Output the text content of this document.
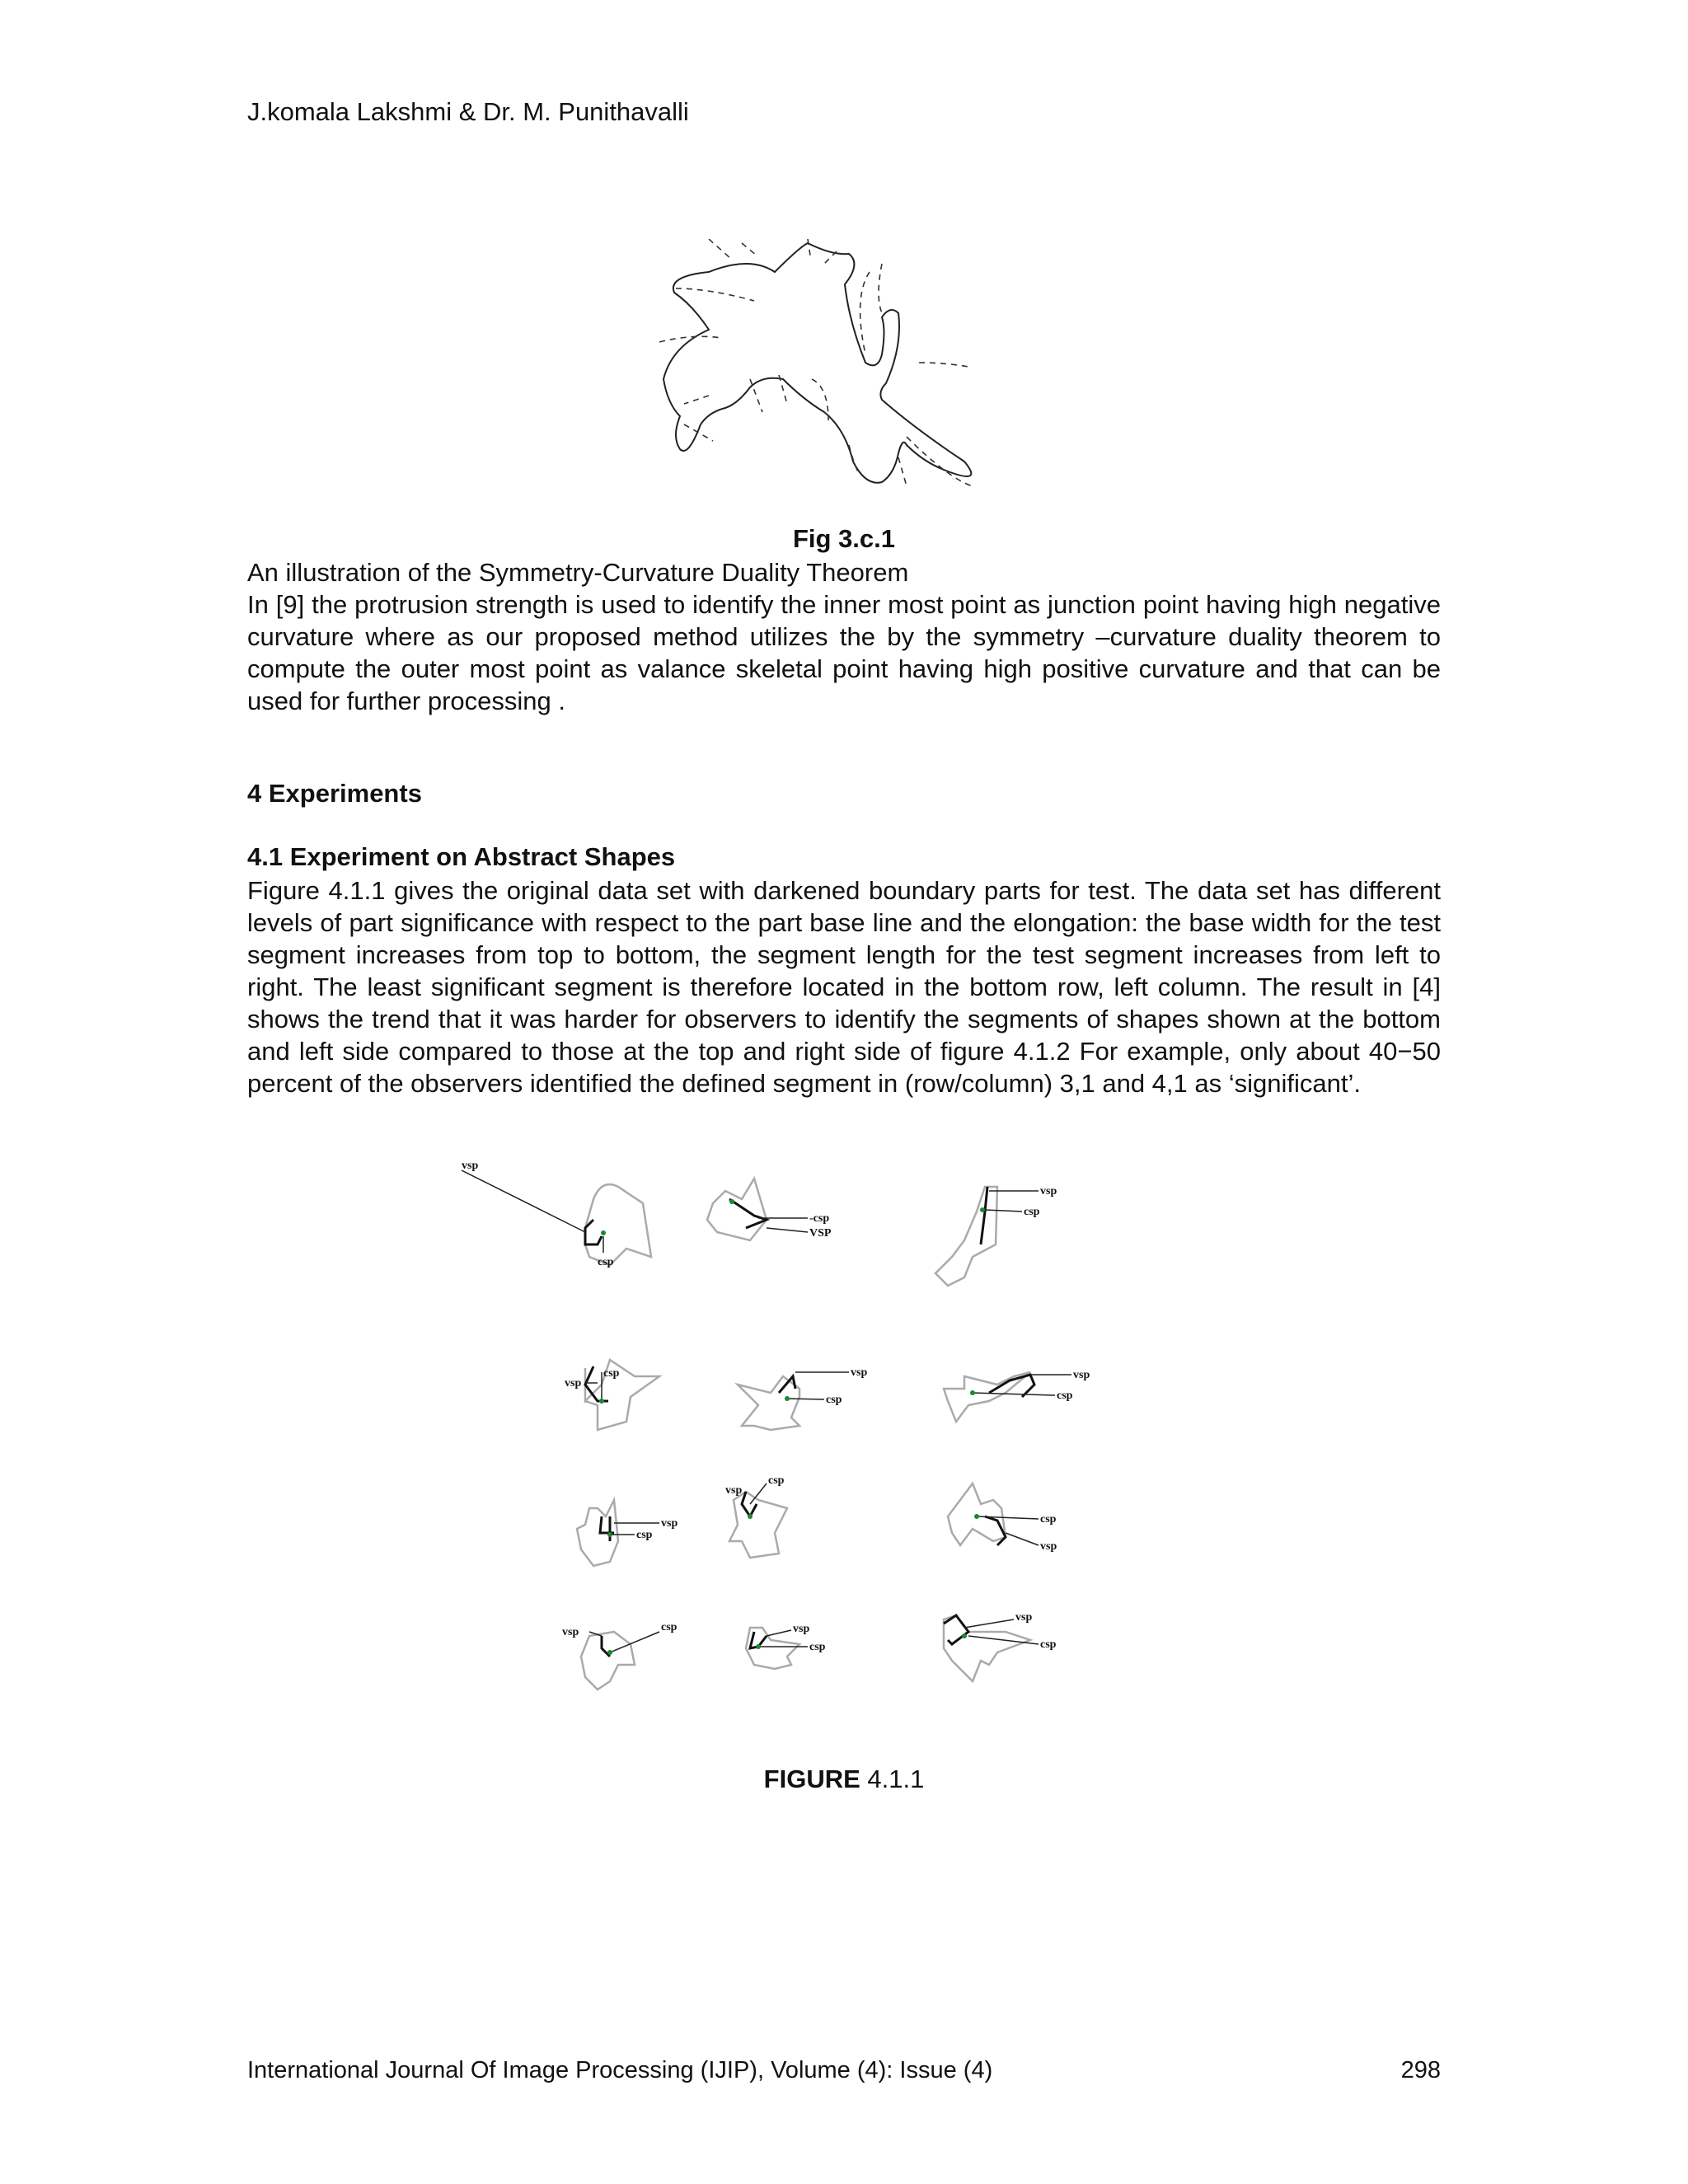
J.komala Lakshmi & Dr. M. Punithavalli
Fig 3.c.1
An illustration of the Symmetry-Curvature Duality Theorem
In [9] the protrusion strength is used to identify the inner most point as junction point having high negative curvature where as our proposed method utilizes the by the symmetry –curvature duality theorem to compute the outer most point as valance skeletal point having high positive curvature and that can be used for further processing .
4 Experiments
4.1 Experiment on Abstract Shapes
Figure 4.1.1 gives the original data set with darkened boundary parts for test. The data set has different levels of part significance with respect to the part base line and the elongation: the base width for the test segment increases from top to bottom, the segment length for the test segment increases from left to right. The least significant segment is therefore located in the bottom row, left column. The result in [4] shows the trend that it was harder for observers to identify the segments of shapes shown at the bottom and left side compared to those at the top and right side of figure 4.1.2 For example, only about 40−50 percent of the observers identified the defined segment in (row/column) 3,1 and 4,1 as ‘significant’.
vsp
csp
-csp
VSP
vsp
csp
vsp
csp	vsp
csp
vsp
csp
vsp
csp
vsp
csp
csp
vsp
vsp	csp	vsp
csp
vsp
csp
FIGURE 4.1.1
International Journal Of Image Processing (IJIP), Volume (4): Issue (4)	298
